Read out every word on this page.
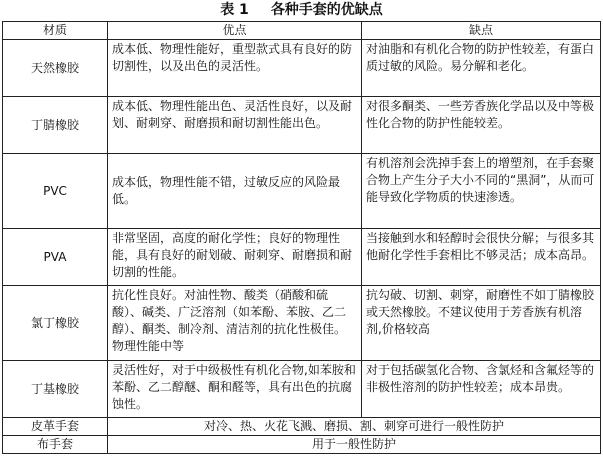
表 1 各种手套的优缺点
材质	优点	缺点
天然橡胶	成本低、物理性能好，重型款式具有良好的防切割性，以及出色的灵活性。	对油脂和有机化合物的防护性较差，有蛋白质过敏的风险。易分解和老化。
丁腈橡胶	成本低、物理性能出色、灵活性良好，以及耐划、耐刺穿、耐磨损和耐切割性能出色。	对很多酮类、一些芳香族化学品以及中等极性化合物的防护性能较差。
PVC	成本低，物理性能不错，过敏反应的风险最低。	有机溶剂会洗掉手套上的增塑剂，在手套聚合物上产生分子大小不同的“黑洞”，从而可能导致化学物质的快速渗透。
PVA	非常坚固，高度的耐化学性；良好的物理性能，具有良好的耐划破、耐刺穿、耐磨损和耐切割的性能。	当接触到水和轻醇时会很快分解；与很多其他耐化学性手套相比不够灵活；成本高昂。
氯丁橡胶	抗化性良好。对油性物、酸类（硝酸和硫酸）、碱类、广泛溶剂（如苯酚、苯胺、乙二醇）、酮类、制冷剂、清洁剂的抗化性极佳。物理性能中等	抗勾破、切割、刺穿，耐磨性不如丁腈橡胶或天然橡胶。不建议使用于芳香族有机溶剂,价格较高
丁基橡胶	灵活性好，对于中级极性有机化合物,如苯胺和苯酚、乙二醇醚、酮和醛等，具有出色的抗腐蚀性。	对于包括碳氢化合物、含氯烃和含氟烃等的非极性溶剂的防护性较差；成本昂贵。
皮革手套	对冷、热、火花飞溅、磨损、割、刺穿可进行一般性防护	
布手套	用于一般性防护	
